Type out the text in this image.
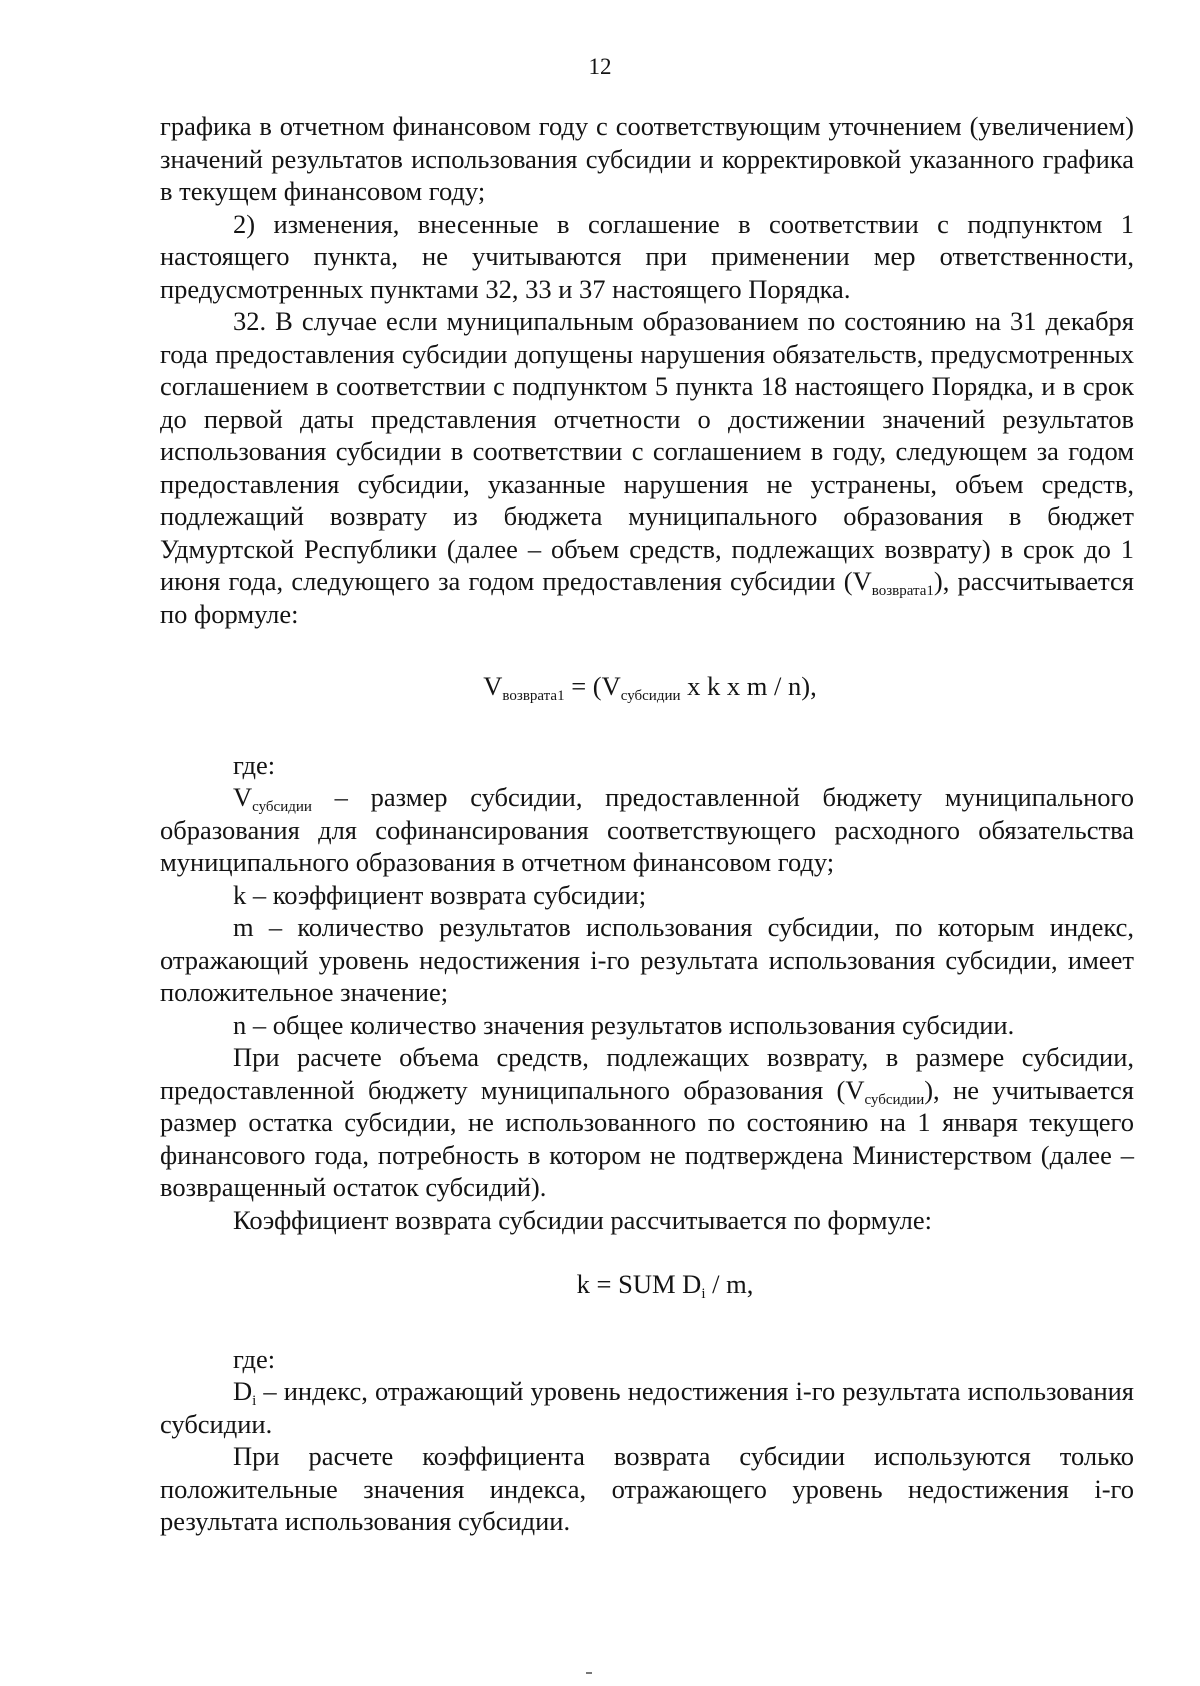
12

графика в отчетном финансовом году с соответствующим уточнением (увеличением) значений результатов использования субсидии и корректировкой указанного графика в текущем финансовом году;

2) изменения, внесенные в соглашение в соответствии с подпунктом 1 настоящего пункта, не учитываются при применении мер ответственности, предусмотренных пунктами 32, 33 и 37 настоящего Порядка.

32. В случае если муниципальным образованием по состоянию на 31 декабря года предоставления субсидии допущены нарушения обязательств, предусмотренных соглашением в соответствии с подпунктом 5 пункта 18 настоящего Порядка, и в срок до первой даты представления отчетности о достижении значений результатов использования субсидии в соответствии с соглашением в году, следующем за годом предоставления субсидии, указанные нарушения не устранены, объем средств, подлежащий возврату из бюджета муниципального образования в бюджет Удмуртской Республики (далее – объем средств, подлежащих возврату) в срок до 1 июня года, следующего за годом предоставления субсидии $(V_{возврата1})$, рассчитывается по формуле:

$V_{возврата1} = (V_{субсидии}$ x k x m / n),

где:

$V_{субсидии}$ – размер субсидии, предоставленной бюджету муниципального образования для софинансирования соответствующего расходного обязательства муниципального образования в отчетном финансовом году;

k – коэффициент возврата субсидии;

m – количество результатов использования субсидии, по которым индекс, отражающий уровень недостижения i-го результата использования субсидии, имеет положительное значение;

n – общее количество значения результатов использования субсидии.

При расчете объема средств, подлежащих возврату, в размере субсидии, предоставленной бюджету муниципального образования $(V_{субсидии})$, не учитывается размер остатка субсидии, не использованного по состоянию на 1 января текущего финансового года, потребность в котором не подтверждена Министерством (далее – возвращенный остаток субсидий).

Коэффициент возврата субсидии рассчитывается по формуле:

k = SUM $D_i$ / m,

где:

$D_i$ – индекс, отражающий уровень недостижения i-го результата использования субсидии.

При расчете коэффициента возврата субсидии используются только положительные значения индекса, отражающего уровень недостижения i-го результата использования субсидии.
